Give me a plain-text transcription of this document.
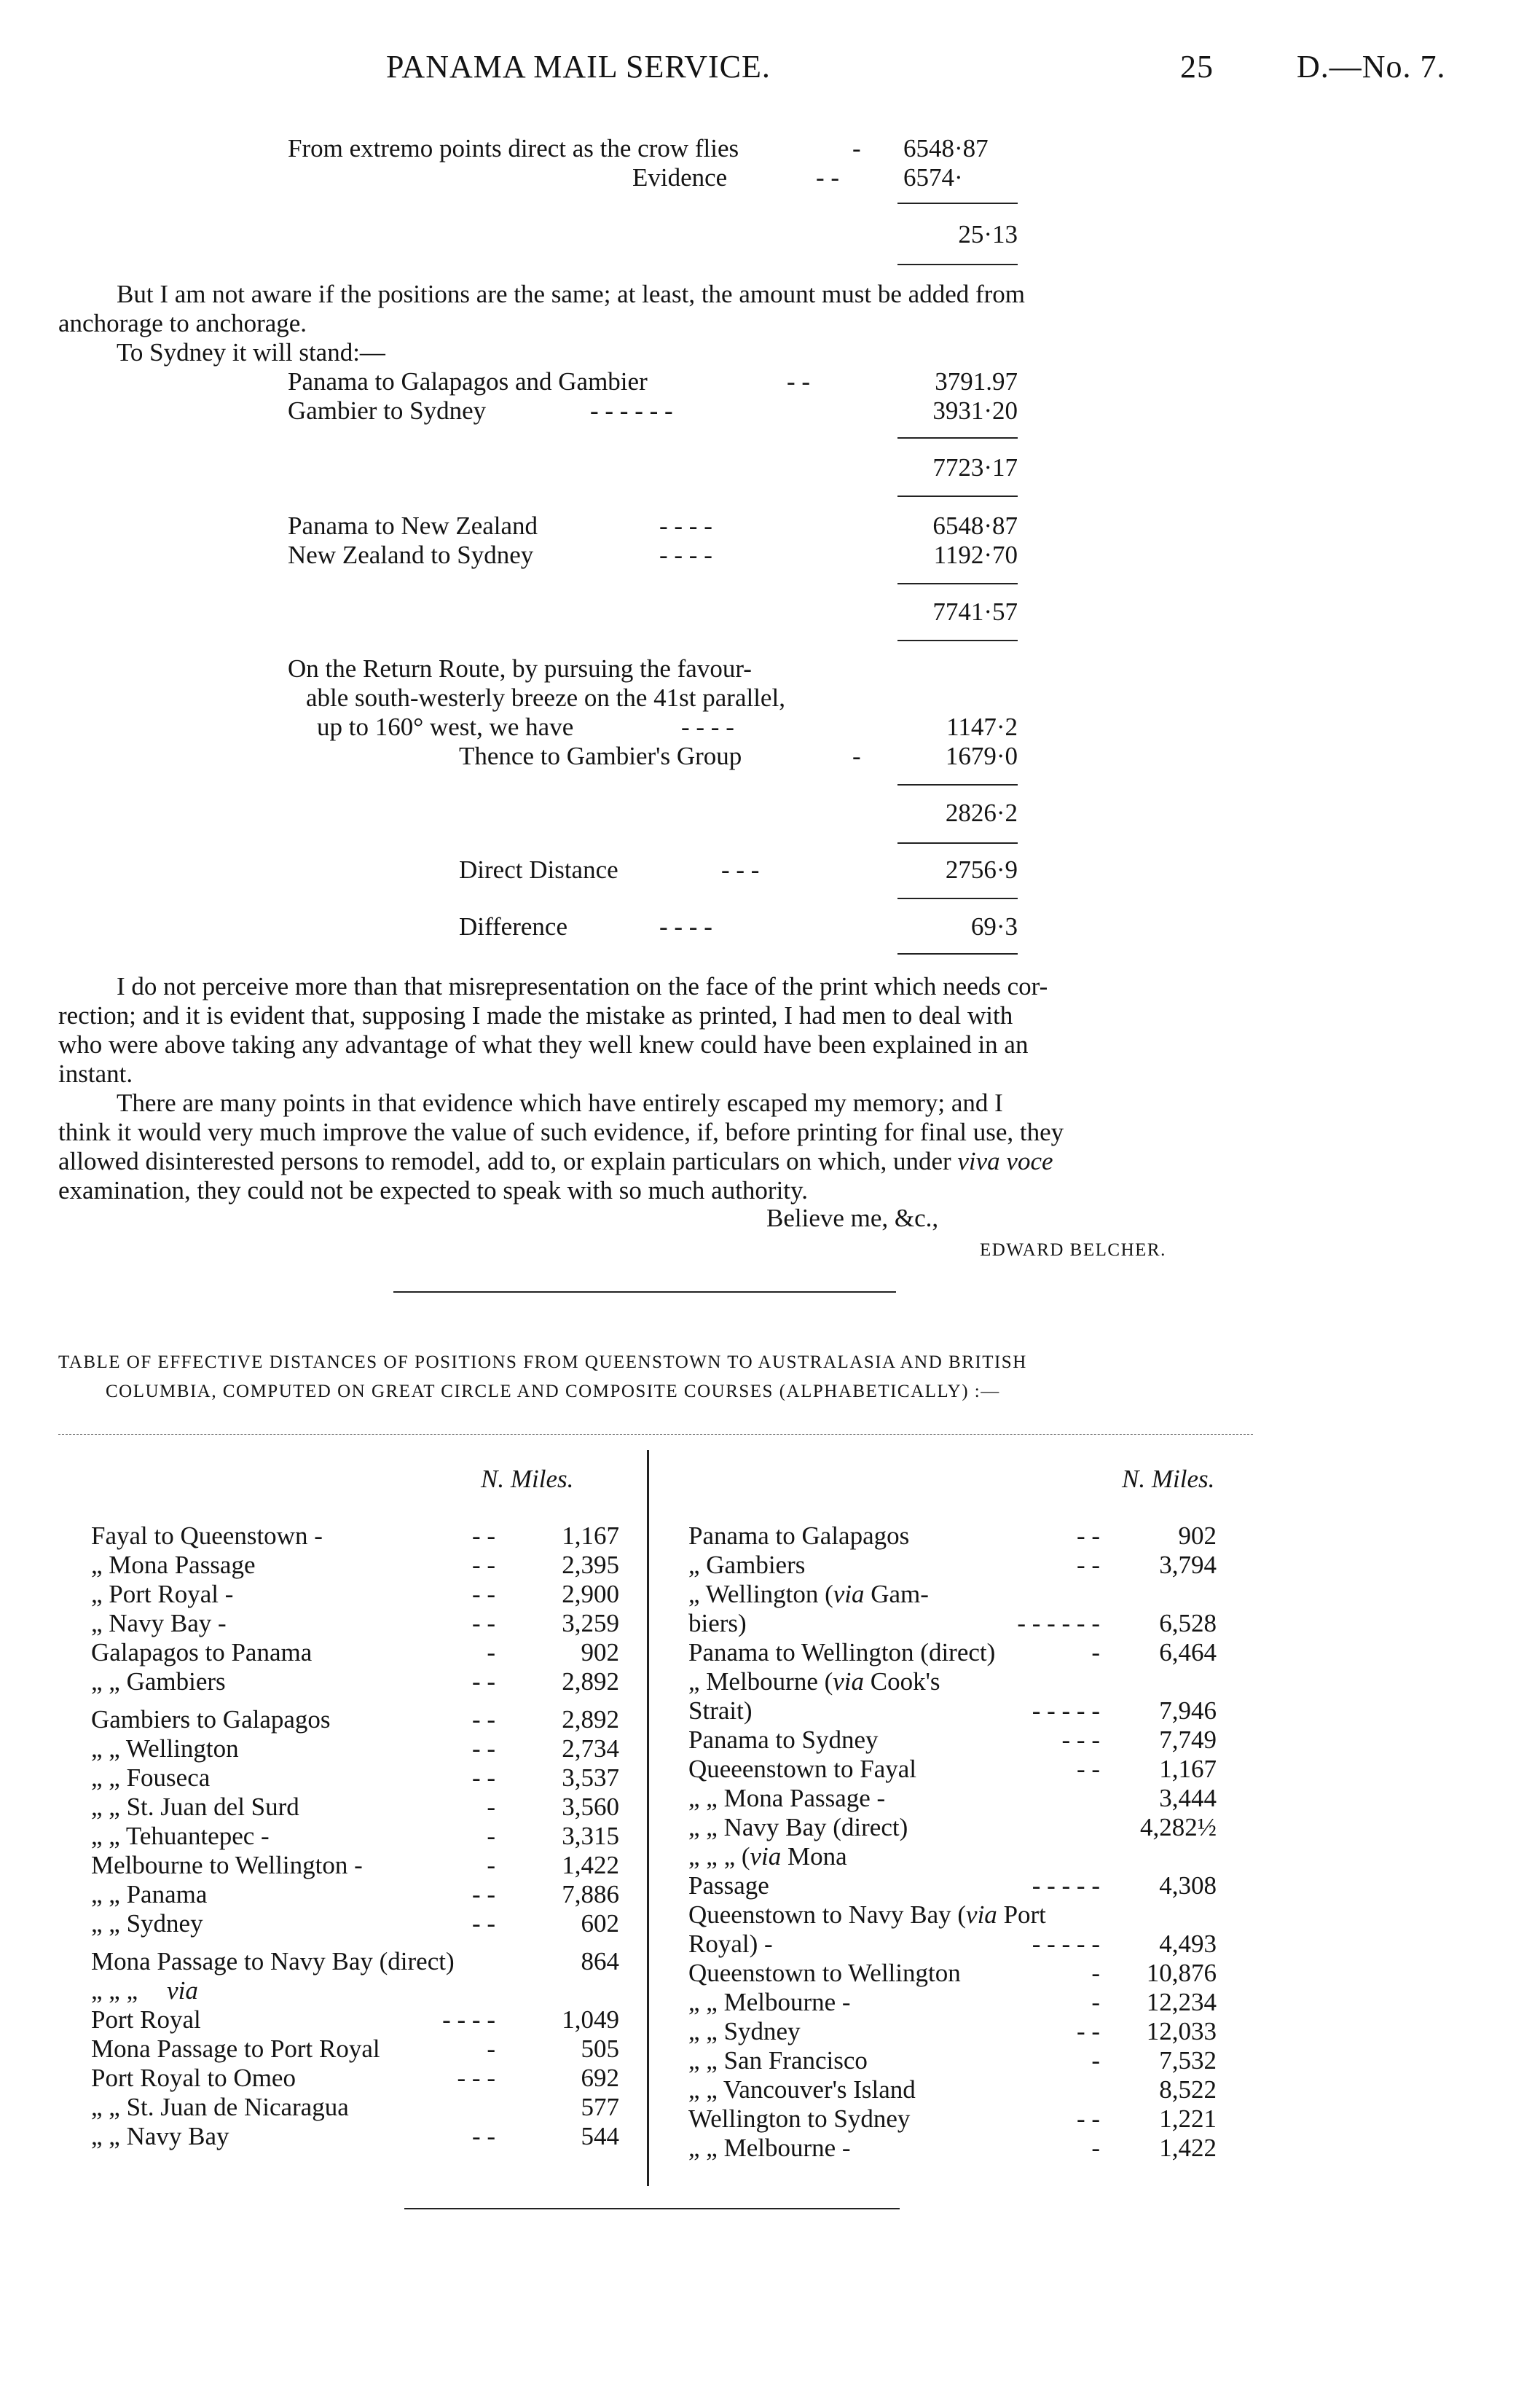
PANAMA MAIL SERVICE.	25	D.—No. 7.
From extremo points direct as the crow flies	- 6548·87
Evidence	- -	6574·
25·13
But I am not aware if the positions are the same; at least, the amount must be added from
anchorage to anchorage.
To Sydney it will stand:—
Panama to Galapagos and Gambier	- -	3791.97
Gambier to Sydney	- - - - - -	3931·20
7723·17
Panama to New Zealand	- - - -	6548·87
New Zealand to Sydney	- - - -	1192·70
7741·57
On the Return Route, by pursuing the favour-
able south-westerly breeze on the 41st parallel,
up to 160° west, we have	- - - -	1147·2
Thence to Gambier's Group	-	1679·0
2826·2
Direct Distance	- - -	2756·9
Difference	- - - -	69·3
I do not perceive more than that misrepresentation on the face of the print which needs cor-
rection; and it is evident that, supposing I made the mistake as printed, I had men to deal with
who were above taking any advantage of what they well knew could have been explained in an
instant.
There are many points in that evidence which have entirely escaped my memory; and I
think it would very much improve the value of such evidence, if, before printing for final use, they
allowed disinterested persons to remodel, add to, or explain particulars on which, under viva voce
examination, they could not be expected to speak with so much authority.
Believe me, &c.,
EDWARD BELCHER.
TABLE OF EFFECTIVE DISTANCES OF POSITIONS FROM QUEENSTOWN TO AUSTRALASIA AND BRITISH
COLUMBIA, COMPUTED ON GREAT CIRCLE AND COMPOSITE COURSES (ALPHABETICALLY) :—
N. Miles.	N. Miles.
Fayal to Queenstown -	- -	1,167
„ Mona Passage	- -	2,395
„ Port Royal -	- -	2,900
„ Navy Bay -	- -	3,259
Galapagos to Panama	-	902
„ „ Gambiers	- -	2,892
Gambiers to Galapagos	- -	2,892
„ „ Wellington	- -	2,734
„ „ Fouseca	- -	3,537
„ „ St. Juan del Surd	-	3,560
„ „ Tehuantepec -	-	3,315
Melbourne to Wellington -	-	1,422
„ „ Panama	- -	7,886
„ „ Sydney	- -	602
Mona Passage to Navy Bay (direct)	864
„ „ „ via
Port Royal	- - - -	1,049
Mona Passage to Port Royal	-	505
Port Royal to Omeo	- - -	692
„ „ St. Juan de Nicaragua	577
„ „ Navy Bay	- -	544
Panama to Galapagos	- -	902
„ Gambiers	- -	3,794
„ Wellington (via Gam-
biers)	- - - - - -	6,528
Panama to Wellington (direct)	-	6,464
„ Melbourne (via Cook's
Strait)	- - - - -	7,946
Panama to Sydney	- - -	7,749
Queeenstown to Fayal	- -	1,167
„ „ Mona Passage -	3,444
„ „ Navy Bay (direct)	4,282½
„ „ „ (via Mona
Passage	- - - - -	4,308
Queenstown to Navy Bay (via Port
Royal) -	- - - - -	4,493
Queenstown to Wellington	-	10,876
„ „ Melbourne -	-	12,234
„ „ Sydney	- -	12,033
„ „ San Francisco	-	7,532
„ „ Vancouver's Island	8,522
Wellington to Sydney	- -	1,221
„ „ Melbourne -	-	1,422
